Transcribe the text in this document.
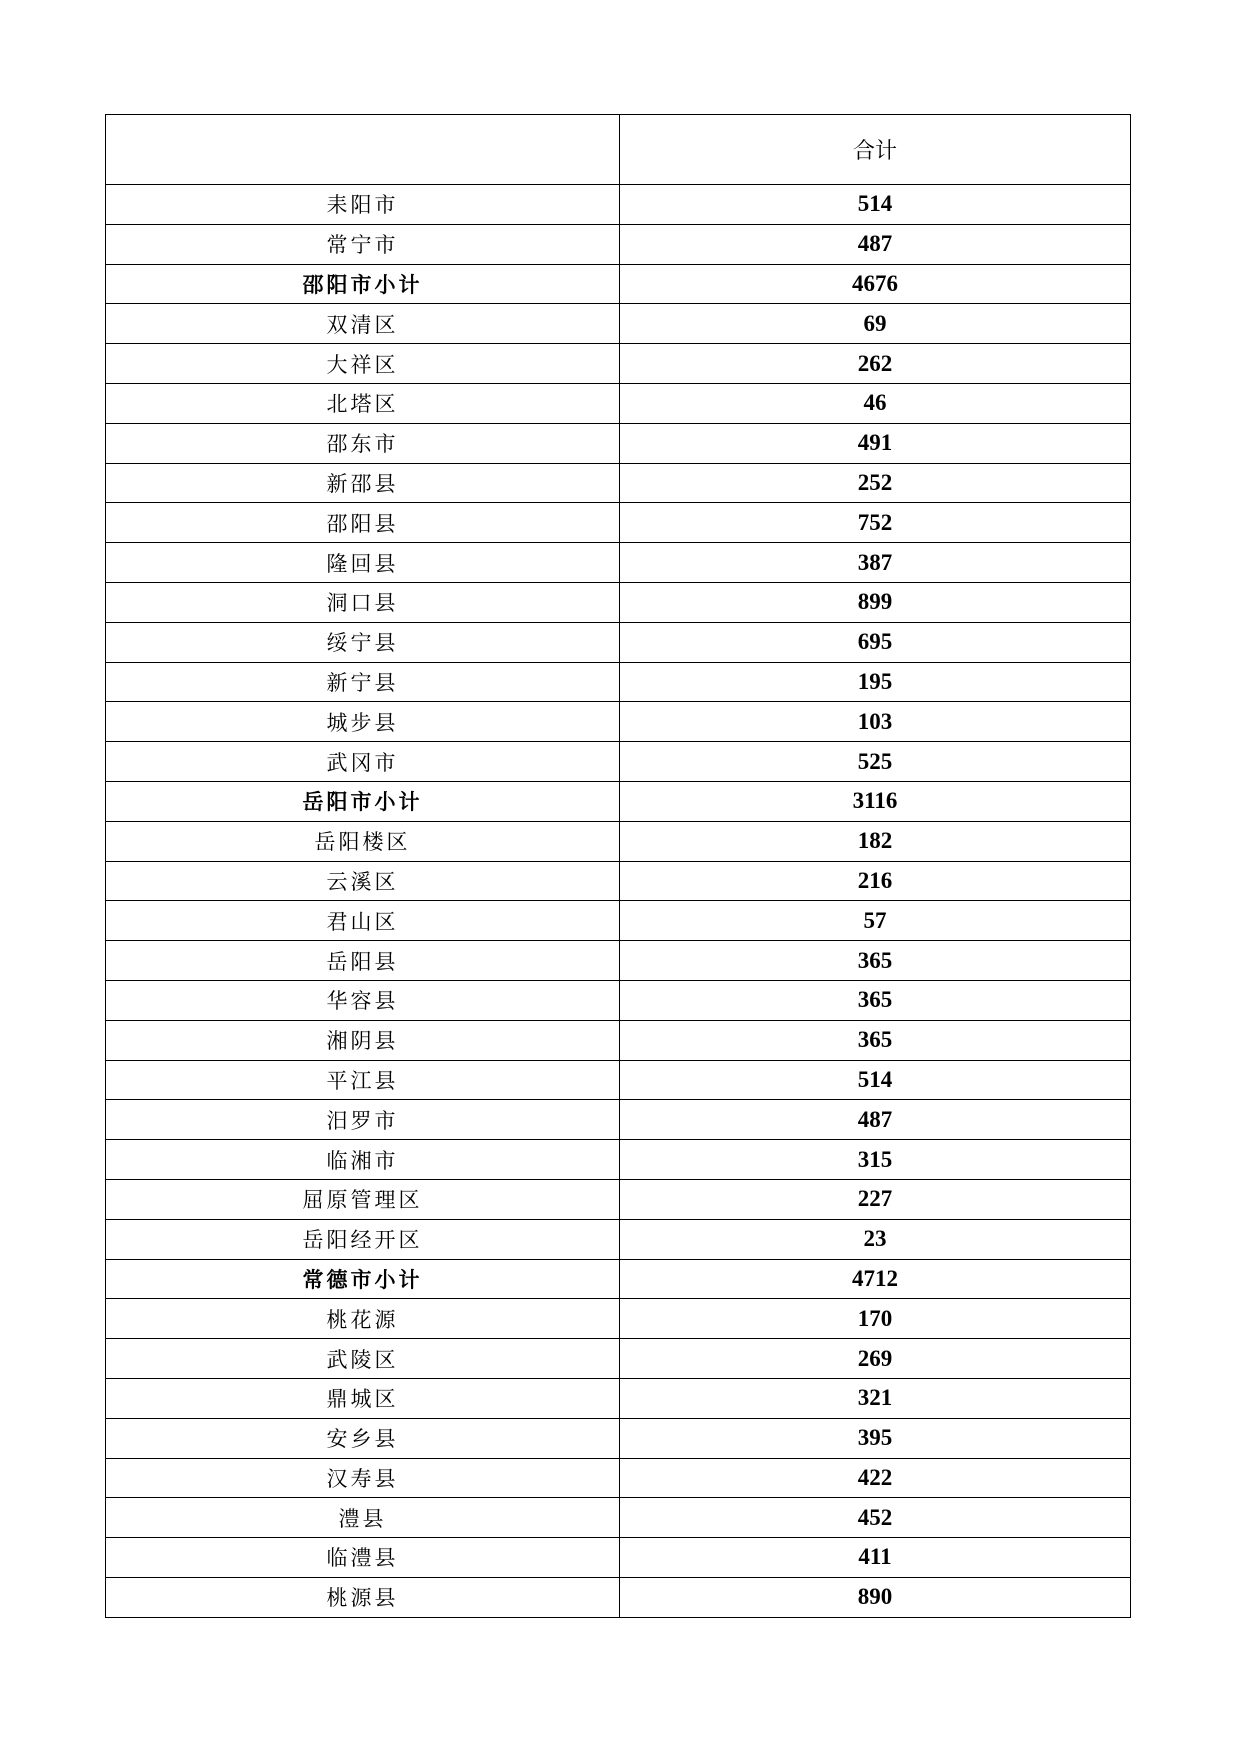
	合计
耒阳市	514
常宁市	487
邵阳市小计	4676
双清区	69
大祥区	262
北塔区	46
邵东市	491
新邵县	252
邵阳县	752
隆回县	387
洞口县	899
绥宁县	695
新宁县	195
城步县	103
武冈市	525
岳阳市小计	3116
岳阳楼区	182
云溪区	216
君山区	57
岳阳县	365
华容县	365
湘阴县	365
平江县	514
汨罗市	487
临湘市	315
屈原管理区	227
岳阳经开区	23
常德市小计	4712
桃花源	170
武陵区	269
鼎城区	321
安乡县	395
汉寿县	422
澧县	452
临澧县	411
桃源县	890
